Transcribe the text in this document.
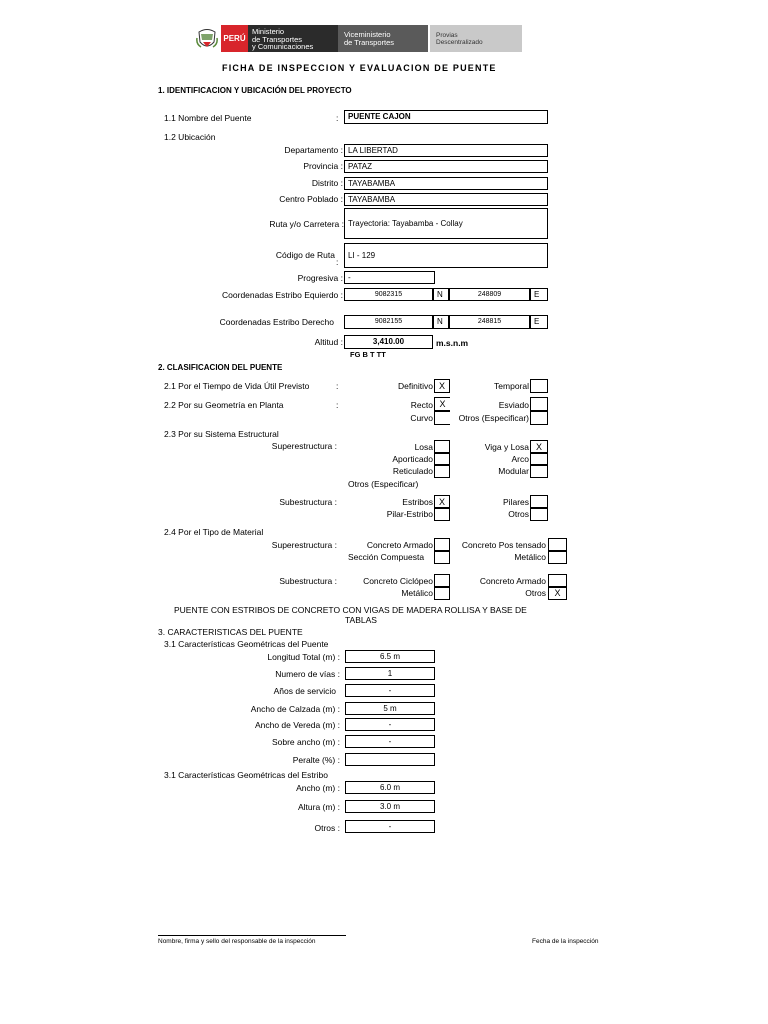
PERÚ
Ministerio
de Transportes
y Comunicaciones
Viceministerio
de Transportes
Provias
Descentralizado
FICHA DE INSPECCION Y EVALUACION DE PUENTE
1. IDENTIFICACION Y UBICACIÓN DEL PROYECTO
1.1 Nombre del Puente	:	PUENTE CAJON
1.2 Ubicación
Departamento : LA LIBERTAD
Provincia : PATAZ
Distrito : TAYABAMBA
Centro Poblado : TAYABAMBA
Ruta y/o Carretera : Trayectoria: Tayabamba - Collay
Código de Ruta
:
LI - 129
Progresiva : -
Coordenadas Estribo Equierdo :	9082315	N	248809	E
Coordenadas Estribo Derecho	9082155	N	248815	E
Altitud :	3,410.00	m.s.n.m
FG B T TT
2. CLASIFICACION DEL PUENTE
2.1 Por el Tiempo de Vida Útil Previsto	:	Definitivo X	Temporal
2.2 Por su Geometría en Planta	:	Recto X	Esviado
Curvo	Otros (Especificar)
2.3 Por su Sistema Estructural
Superestructura :	Losa	Viga y Losa X
Aporticado	Arco
Reticulado	Modular
Otros (Especificar)
Subestructura :	Estribos X	Pilares
Pilar-Estribo	Otros
2.4 Por el Tipo de Material
Superestructura :	Concreto Armado	Concreto Pos tensado
Sección Compuesta	Metálico
Subestructura :	Concreto Ciclópeo	Concreto Armado
Metálico	Otros X
PUENTE CON ESTRIBOS DE CONCRETO CON VIGAS DE MADERA ROLLISA Y BASE DE
TABLAS
3. CARACTERISTICAS DEL PUENTE
3.1 Características Geométricas del Puente
Longitud Total (m) :	6.5 m
Numero de vías :	1
Años de servicio	-
Ancho de Calzada (m) :	5 m
Ancho de Vereda (m) :	-
Sobre ancho (m) :	-
Peralte (%) :
3.1 Características Geométricas del Estribo
Ancho (m) :	6.0 m
Altura (m) :	3.0 m
Otros :	-
Nombre, firma y sello del responsable de la inspección	Fecha de la inspección
